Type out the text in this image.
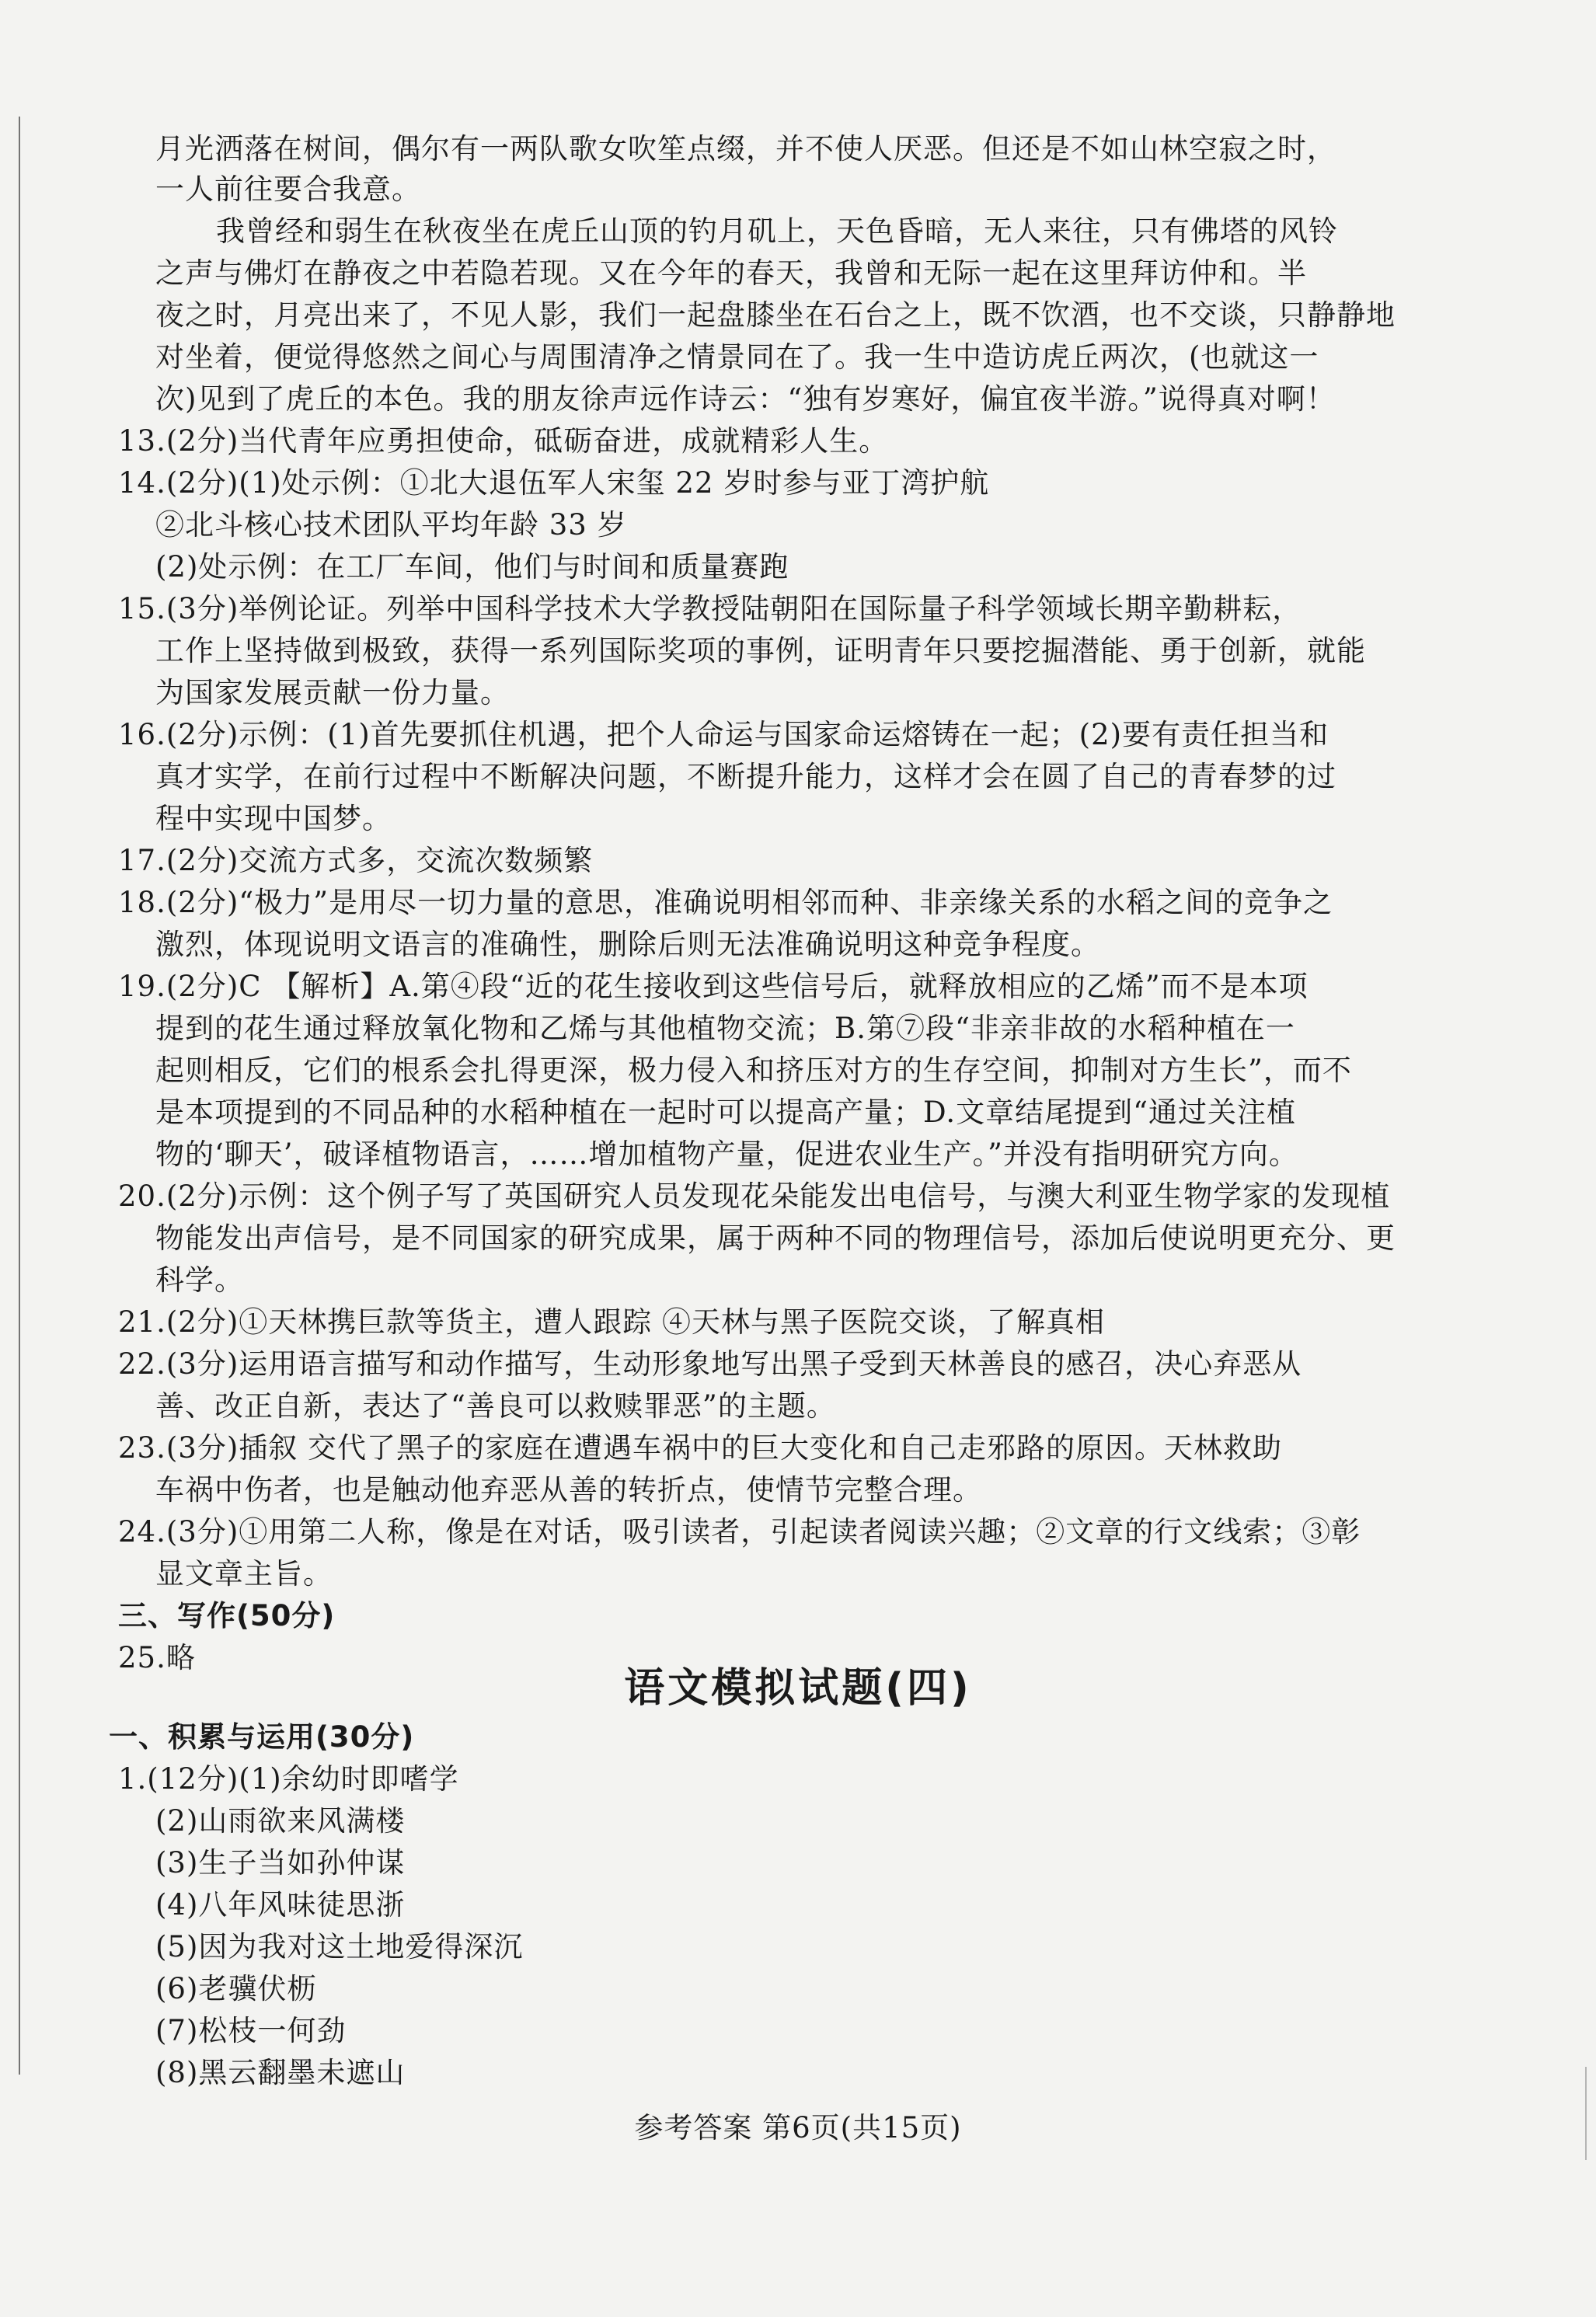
月光洒落在树间，偶尔有一两队歌女吹笙点缀，并不使人厌恶。但还是不如山林空寂之时，
一人前往要合我意。
我曾经和弱生在秋夜坐在虎丘山顶的钓月矶上，天色昏暗，无人来往，只有佛塔的风铃
之声与佛灯在静夜之中若隐若现。又在今年的春天，我曾和无际一起在这里拜访仲和。半
夜之时，月亮出来了，不见人影，我们一起盘膝坐在石台之上，既不饮酒，也不交谈，只静静地
对坐着，便觉得悠然之间心与周围清净之情景同在了。我一生中造访虎丘两次，(也就这一
次)见到了虎丘的本色。我的朋友徐声远作诗云：“独有岁寒好，偏宜夜半游。”说得真对啊！
13.(2分)当代青年应勇担使命，砥砺奋进，成就精彩人生。
14.(2分)(1)处示例：①北大退伍军人宋玺 22 岁时参与亚丁湾护航
②北斗核心技术团队平均年龄 33 岁
(2)处示例：在工厂车间，他们与时间和质量赛跑
15.(3分)举例论证。列举中国科学技术大学教授陆朝阳在国际量子科学领域长期辛勤耕耘，
工作上坚持做到极致，获得一系列国际奖项的事例，证明青年只要挖掘潜能、勇于创新，就能
为国家发展贡献一份力量。
16.(2分)示例：(1)首先要抓住机遇，把个人命运与国家命运熔铸在一起；(2)要有责任担当和
真才实学，在前行过程中不断解决问题，不断提升能力，这样才会在圆了自己的青春梦的过
程中实现中国梦。
17.(2分)交流方式多，交流次数频繁
18.(2分)“极力”是用尽一切力量的意思，准确说明相邻而种、非亲缘关系的水稻之间的竞争之
激烈，体现说明文语言的准确性，删除后则无法准确说明这种竞争程度。
19.(2分)C 【解析】A.第④段“近的花生接收到这些信号后，就释放相应的乙烯”而不是本项
提到的花生通过释放氧化物和乙烯与其他植物交流；B.第⑦段“非亲非故的水稻种植在一
起则相反，它们的根系会扎得更深，极力侵入和挤压对方的生存空间，抑制对方生长”，而不
是本项提到的不同品种的水稻种植在一起时可以提高产量；D.文章结尾提到“通过关注植
物的‘聊天’，破译植物语言，……增加植物产量，促进农业生产。”并没有指明研究方向。
20.(2分)示例：这个例子写了英国研究人员发现花朵能发出电信号，与澳大利亚生物学家的发现植
物能发出声信号，是不同国家的研究成果，属于两种不同的物理信号，添加后使说明更充分、更
科学。
21.(2分)①天林携巨款等货主，遭人跟踪 ④天林与黑子医院交谈，了解真相
22.(3分)运用语言描写和动作描写，生动形象地写出黑子受到天林善良的感召，决心弃恶从
善、改正自新，表达了“善良可以救赎罪恶”的主题。
23.(3分)插叙 交代了黑子的家庭在遭遇车祸中的巨大变化和自己走邪路的原因。天林救助
车祸中伤者，也是触动他弃恶从善的转折点，使情节完整合理。
24.(3分)①用第二人称，像是在对话，吸引读者，引起读者阅读兴趣；②文章的行文线索；③彰
显文章主旨。
三、写作(50分)
25.略
语文模拟试题(四)
一、积累与运用(30分)
1.(12分)(1)余幼时即嗜学
(2)山雨欲来风满楼
(3)生子当如孙仲谋
(4)八年风味徒思浙
(5)因为我对这土地爱得深沉
(6)老骥伏枥
(7)松枝一何劲
(8)黑云翻墨未遮山
参考答案 第6页(共15页)
